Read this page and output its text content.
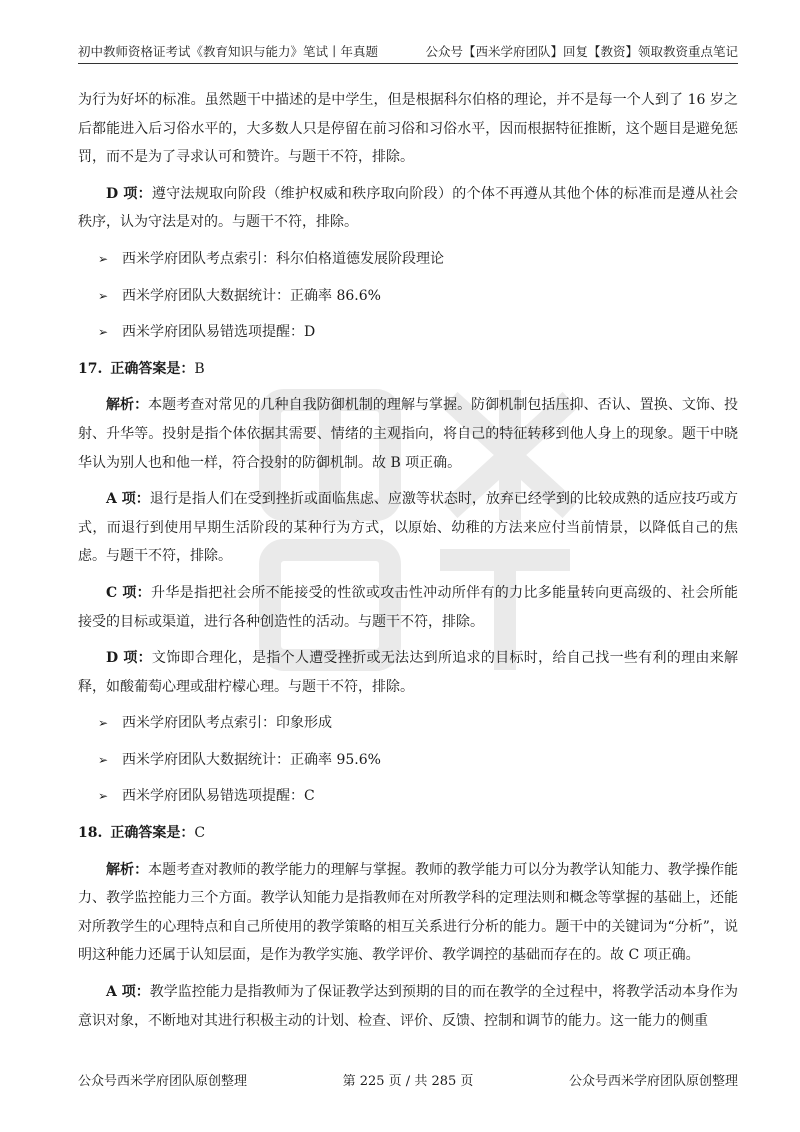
初中教师资格证考试《教育知识与能力》笔试丨年真题	公众号【西米学府团队】回复【教资】领取教资重点笔记

为行为好坏的标准。虽然题干中描述的是中学生，但是根据科尔伯格的理论，并不是每一个人到了 16 岁之后都能进入后习俗水平的，大多数人只是停留在前习俗和习俗水平，因而根据特征推断，这个题目是避免惩罚，而不是为了寻求认可和赞许。与题干不符，排除。

D 项：遵守法规取向阶段（维护权威和秩序取向阶段）的个体不再遵从其他个体的标准而是遵从社会秩序，认为守法是对的。与题干不符，排除。

➢ 西米学府团队考点索引：科尔伯格道德发展阶段理论
➢ 西米学府团队大数据统计：正确率 86.6%
➢ 西米学府团队易错选项提醒：D

17. 正确答案是：B

解析：本题考查对常见的几种自我防御机制的理解与掌握。防御机制包括压抑、否认、置换、文饰、投射、升华等。投射是指个体依据其需要、情绪的主观指向，将自己的特征转移到他人身上的现象。题干中晓华认为别人也和他一样，符合投射的防御机制。故 B 项正确。

A 项：退行是指人们在受到挫折或面临焦虑、应激等状态时，放弃已经学到的比较成熟的适应技巧或方式，而退行到使用早期生活阶段的某种行为方式，以原始、幼稚的方法来应付当前情景，以降低自己的焦虑。与题干不符，排除。

C 项：升华是指把社会所不能接受的性欲或攻击性冲动所伴有的力比多能量转向更高级的、社会所能接受的目标或渠道，进行各种创造性的活动。与题干不符，排除。

D 项：文饰即合理化，是指个人遭受挫折或无法达到所追求的目标时，给自己找一些有利的理由来解释，如酸葡萄心理或甜柠檬心理。与题干不符，排除。

➢ 西米学府团队考点索引：印象形成
➢ 西米学府团队大数据统计：正确率 95.6%
➢ 西米学府团队易错选项提醒：C

18. 正确答案是：C

解析：本题考查对教师的教学能力的理解与掌握。教师的教学能力可以分为教学认知能力、教学操作能力、教学监控能力三个方面。教学认知能力是指教师在对所教学科的定理法则和概念等掌握的基础上，还能对所教学生的心理特点和自己所使用的教学策略的相互关系进行分析的能力。题干中的关键词为“分析”，说明这种能力还属于认知层面，是作为教学实施、教学评价、教学调控的基础而存在的。故 C 项正确。

A 项：教学监控能力是指教师为了保证教学达到预期的目的而在教学的全过程中，将教学活动本身作为意识对象，不断地对其进行积极主动的计划、检查、评价、反馈、控制和调节的能力。这一能力的侧重

公众号西米学府团队原创整理	第 225 页 / 共 285 页	公众号西米学府团队原创整理
